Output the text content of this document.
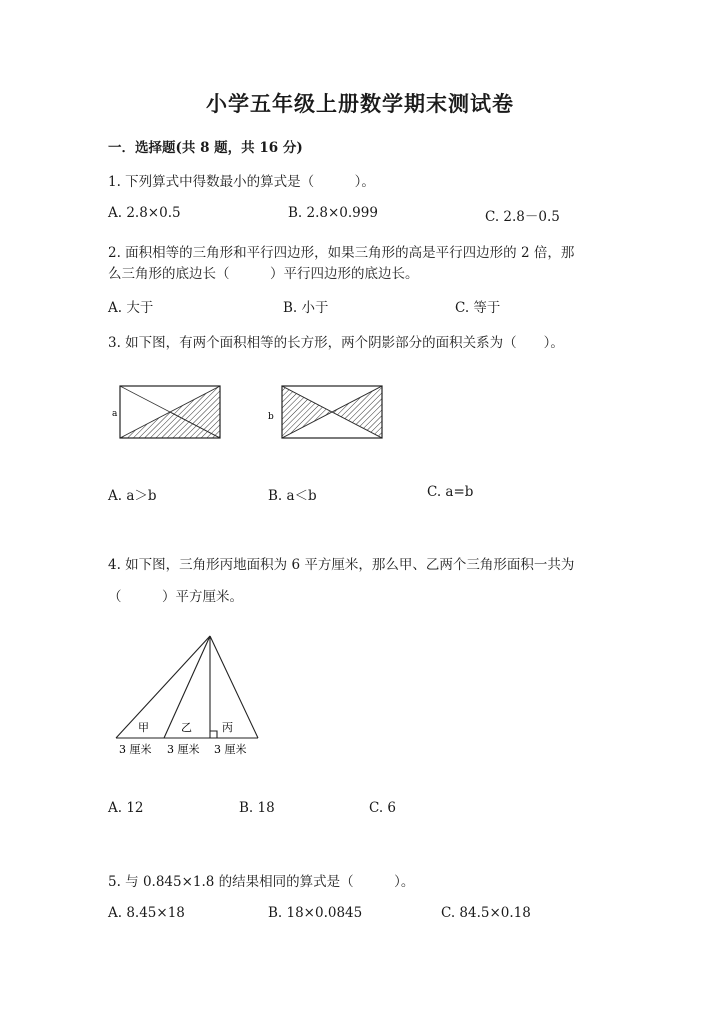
小学五年级上册数学期末测试卷
一．选择题(共 8 题，共 16 分)
1. 下列算式中得数最小的算式是（　　　）。
A. 2.8×0.5	B. 2.8×0.999	C. 2.8－0.5
2. 面积相等的三角形和平行四边形，如果三角形的高是平行四边形的 2 倍，那
么三角形的底边长（　　　）平行四边形的底边长。
A. 大于	B. 小于	C. 等于
3. 如下图，有两个面积相等的长方形，两个阴影部分的面积关系为（　　）。
a	b
A. a＞b	B. a＜b	C. a=b
4. 如下图，三角形丙地面积为 6 平方厘米，那么甲、乙两个三角形面积一共为
（　　　）平方厘米。
甲	乙	丙
3 厘米 3 厘米 3 厘米
A. 12	B. 18	C. 6
5. 与 0.845×1.8 的结果相同的算式是（　　　）。
A. 8.45×18	B. 18×0.0845	C. 84.5×0.18
